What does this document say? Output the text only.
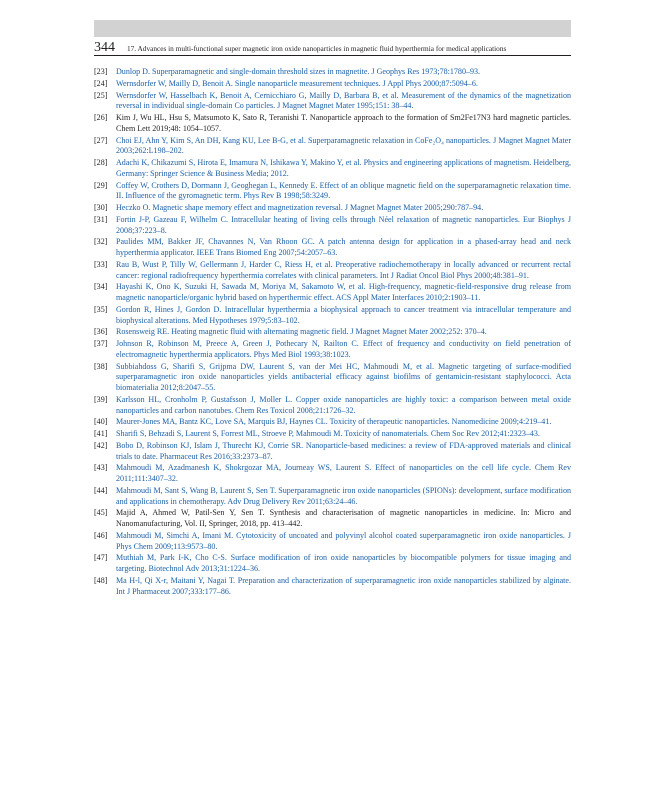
344 17. Advances in multi-functional super magnetic iron oxide nanoparticles in magnetic fluid hyperthermia for medical applications
[23]	Dunlop D. Superparamagnetic and single-domain threshold sizes in magnetite. J Geophys Res 1973;78:1780–93.
[24]	Wernsdorfer W, Mailly D, Benoit A. Single nanoparticle measurement techniques. J Appl Phys 2000;87:5094–6.
[25]	Wernsdorfer W, Hasselbach K, Benoit A, Cernicchiaro G, Mailly D, Barbara B, et al. Measurement of the dynamics of the magnetization reversal in individual single-domain Co particles. J Magnet Magnet Mater 1995;151: 38–44.
[26]	Kim J, Wu HL, Hsu S, Matsumoto K, Sato R, Teranishi T. Nanoparticle approach to the formation of Sm2Fe17N3 hard magnetic particles. Chem Lett 2019;48: 1054–1057.
[27]	Choi EJ, Ahn Y, Kim S, An DH, Kang KU, Lee B-G, et al. Superparamagnetic relaxation in CoFe₂O₄ nanoparticles. J Magnet Magnet Mater 2003;262:L198–202.
[28]	Adachi K, Chikazumi S, Hirota E, Imamura N, Ishikawa Y, Makino Y, et al. Physics and engineering applications of magnetism. Heidelberg, Germany: Springer Science & Business Media; 2012.
[29]	Coffey W, Crothers D, Dormann J, Geoghegan L, Kennedy E. Effect of an oblique magnetic field on the superparamagnetic relaxation time. II. Influence of the gyromagnetic term. Phys Rev B 1998;58:3249.
[30]	Heczko O. Magnetic shape memory effect and magnetization reversal. J Magnet Magnet Mater 2005;290:787–94.
[31]	Fortin J-P, Gazeau F, Wilhelm C. Intracellular heating of living cells through Néel relaxation of magnetic nanoparticles. Eur Biophys J 2008;37:223–8.
[32]	Paulides MM, Bakker JF, Chavannes N, Van Rhoon GC. A patch antenna design for application in a phased-array head and neck hyperthermia applicator. IEEE Trans Biomed Eng 2007;54:2057–63.
[33]	Rau B, Wust P, Tilly W, Gellermann J, Harder C, Riess H, et al. Preoperative radiochemotherapy in locally advanced or recurrent rectal cancer: regional radiofrequency hyperthermia correlates with clinical parameters. Int J Radiat Oncol Biol Phys 2000;48:381–91.
[34]	Hayashi K, Ono K, Suzuki H, Sawada M, Moriya M, Sakamoto W, et al. High-frequency, magnetic-field-responsive drug release from magnetic nanoparticle/organic hybrid based on hyperthermic effect. ACS Appl Mater Interfaces 2010;2:1903–11.
[35]	Gordon R, Hines J, Gordon D. Intracellular hyperthermia a biophysical approach to cancer treatment via intracellular temperature and biophysical alterations. Med Hypotheses 1979;5:83–102.
[36]	Rosensweig RE. Heating magnetic fluid with alternating magnetic field. J Magnet Magnet Mater 2002;252: 370–4.
[37]	Johnson R, Robinson M, Preece A, Green J, Pothecary N, Railton C. Effect of frequency and conductivity on field penetration of electromagnetic hyperthermia applicators. Phys Med Biol 1993;38:1023.
[38]	Subbiahdoss G, Sharifi S, Grijpma DW, Laurent S, van der Mei HC, Mahmoudi M, et al. Magnetic targeting of surface-modified superparamagnetic iron oxide nanoparticles yields antibacterial efficacy against biofilms of gentamicin-resistant staphylococci. Acta biomaterialia 2012;8:2047–55.
[39]	Karlsson HL, Cronholm P, Gustafsson J, Moller L. Copper oxide nanoparticles are highly toxic: a comparison between metal oxide nanoparticles and carbon nanotubes. Chem Res Toxicol 2008;21:1726–32.
[40]	Maurer-Jones MA, Bantz KC, Love SA, Marquis BJ, Haynes CL. Toxicity of therapeutic nanoparticles. Nanomedicine 2009;4:219–41.
[41]	Sharifi S, Behzadi S, Laurent S, Forrest ML, Stroeve P, Mahmoudi M. Toxicity of nanomaterials. Chem Soc Rev 2012;41:2323–43.
[42]	Bobo D, Robinson KJ, Islam J, Thurecht KJ, Corrie SR. Nanoparticle-based medicines: a review of FDA-approved materials and clinical trials to date. Pharmaceut Res 2016;33:2373–87.
[43]	Mahmoudi M, Azadmanesh K, Shokrgozar MA, Journeay WS, Laurent S. Effect of nanoparticles on the cell life cycle. Chem Rev 2011;111:3407–32.
[44]	Mahmoudi M, Sant S, Wang B, Laurent S, Sen T. Superparamagnetic iron oxide nanoparticles (SPIONs): development, surface modification and applications in chemotherapy. Adv Drug Delivery Rev 2011;63:24–46.
[45]	Majid A, Ahmed W, Patil-Sen Y, Sen T. Synthesis and characterisation of magnetic nanoparticles in medicine. In: Micro and Nanomanufacturing, Vol. II, Springer, 2018, pp. 413–442.
[46]	Mahmoudi M, Simchi A, Imani M. Cytotoxicity of uncoated and polyvinyl alcohol coated superparamagnetic iron oxide nanoparticles. J Phys Chem 2009;113:9573–80.
[47]	Muthiah M, Park I-K, Cho C-S. Surface modification of iron oxide nanoparticles by biocompatible polymers for tissue imaging and targeting. Biotechnol Adv 2013;31:1224–36.
[48]	Ma H-l, Qi X-r, Maitani Y, Nagai T. Preparation and characterization of superparamagnetic iron oxide nanoparticles stabilized by alginate. Int J Pharmaceut 2007;333:177–86.
